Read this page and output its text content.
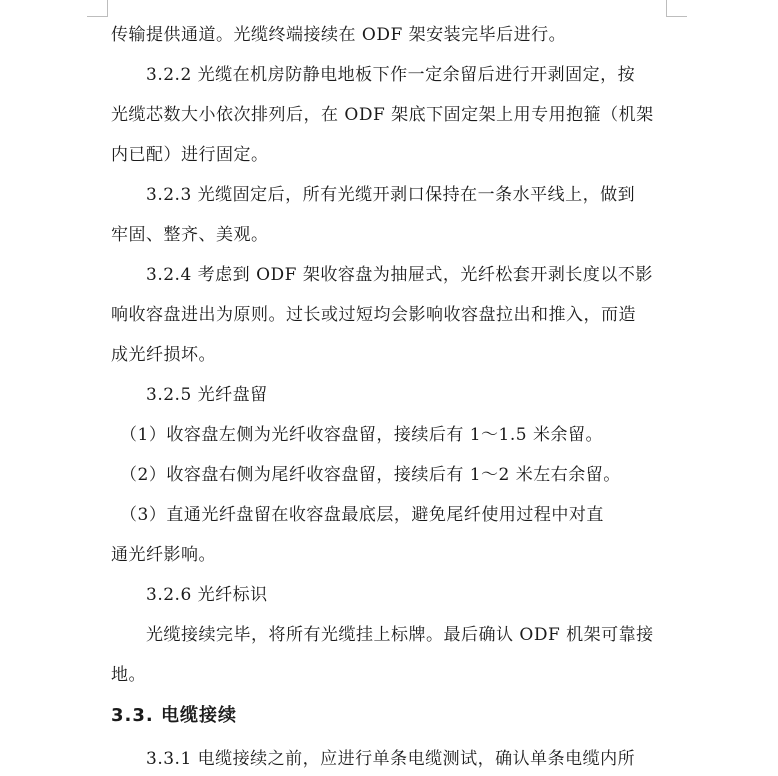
传输提供通道。光缆终端接续在 ODF 架安装完毕后进行。
　　3.2.2 光缆在机房防静电地板下作一定余留后进行开剥固定，按
光缆芯数大小依次排列后，在 ODF 架底下固定架上用专用抱箍（机架
内已配）进行固定。
　　3.2.3 光缆固定后，所有光缆开剥口保持在一条水平线上，做到
牢固、整齐、美观。
　　3.2.4 考虑到 ODF 架收容盘为抽屉式，光纤松套开剥长度以不影
响收容盘进出为原则。过长或过短均会影响收容盘拉出和推入，而造
成光纤损坏。
　　3.2.5 光纤盘留
　（1）收容盘左侧为光纤收容盘留，接续后有 1～1.5 米余留。
　（2）收容盘右侧为尾纤收容盘留，接续后有 1～2 米左右余留。
　（3）直通光纤盘留在收容盘最底层，避免尾纤使用过程中对直
通光纤影响。
　　3.2.6 光纤标识
　　光缆接续完毕，将所有光缆挂上标牌。最后确认 ODF 机架可靠接
地。
3.3. 电缆接续
　　3.3.1 电缆接续之前，应进行单条电缆测试，确认单条电缆内所
